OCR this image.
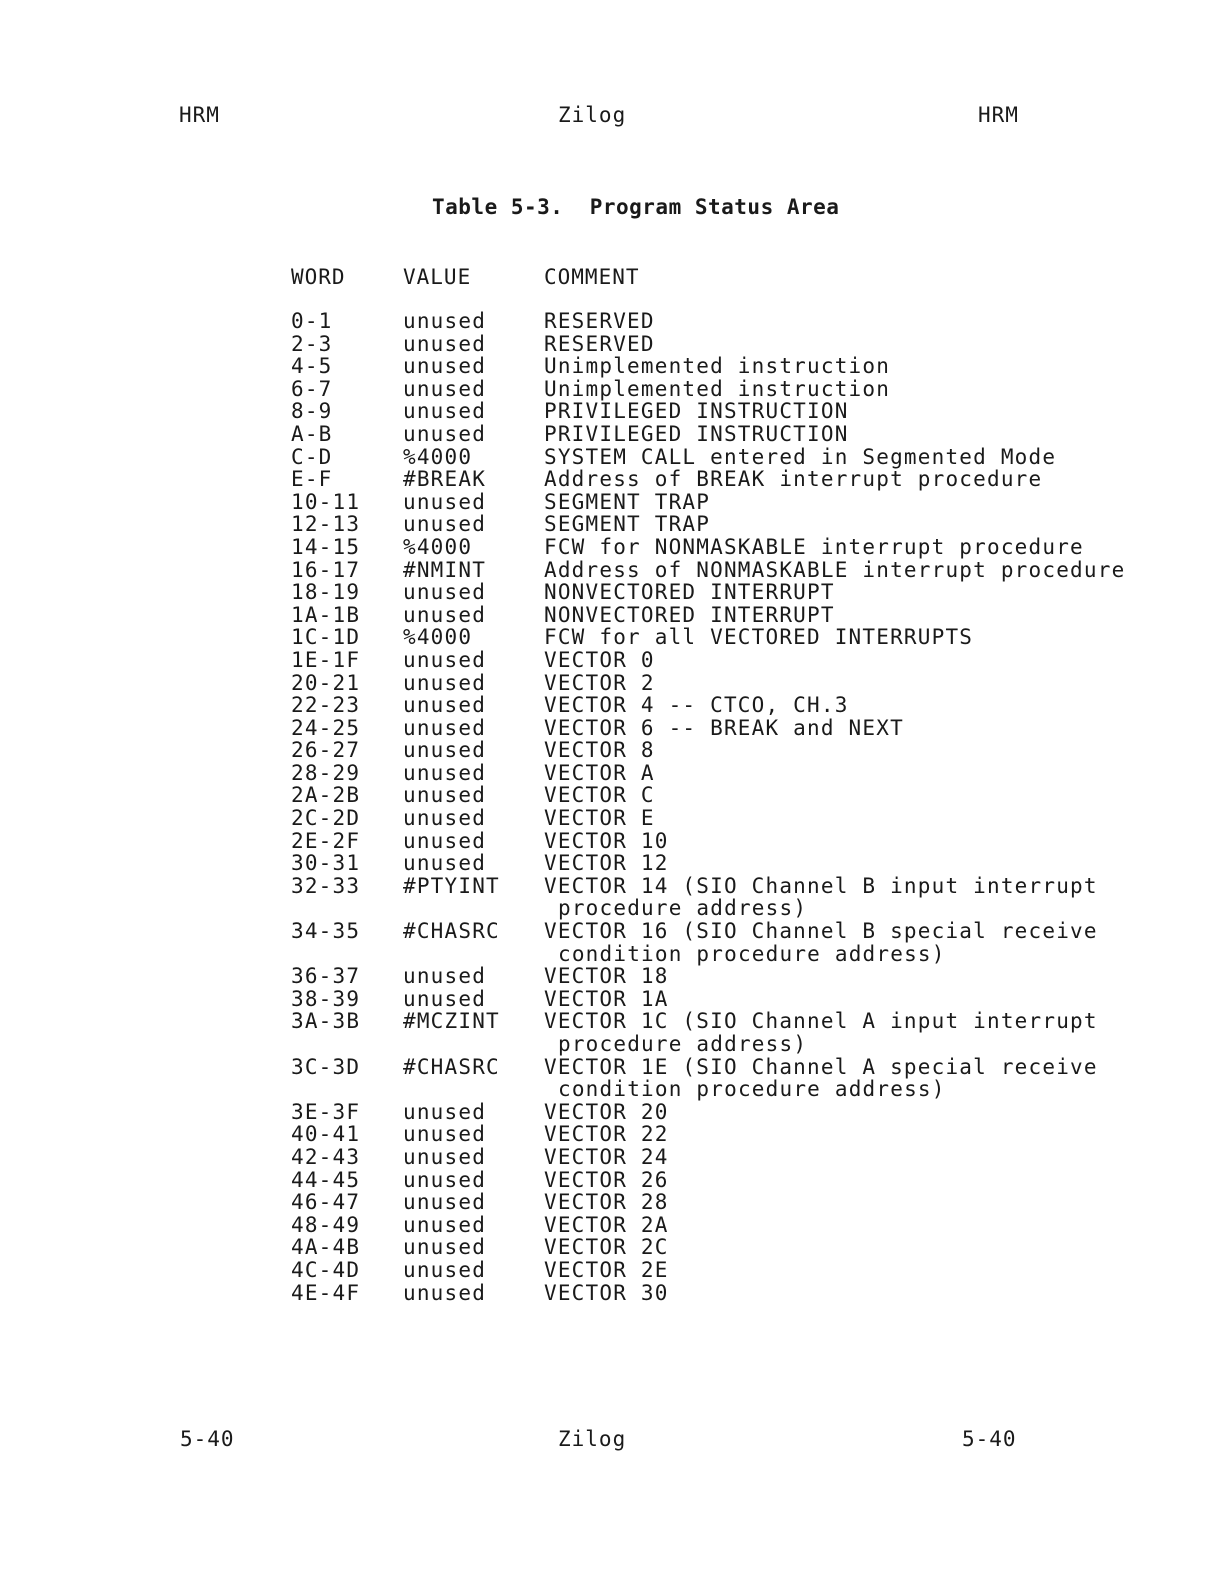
HRM	Zilog	HRM
Table 5-3.  Program Status Area
WORD	VALUE	COMMENT
0-1	unused	RESERVED
2-3	unused	RESERVED
4-5	unused	Unimplemented instruction
6-7	unused	Unimplemented instruction
8-9	unused	PRIVILEGED INSTRUCTION
A-B	unused	PRIVILEGED INSTRUCTION
C-D	%4000	SYSTEM CALL entered in Segmented Mode
E-F	#BREAK	Address of BREAK interrupt procedure
10-11 unused	SEGMENT TRAP
12-13 unused	SEGMENT TRAP
14-15 %4000	FCW for NONMASKABLE interrupt procedure
16-17 #NMINT	Address of NONMASKABLE interrupt procedure
18-19 unused	NONVECTORED INTERRUPT
1A-1B unused	NONVECTORED INTERRUPT
1C-1D %4000	FCW for all VECTORED INTERRUPTS
1E-1F unused	VECTOR 0
20-21 unused	VECTOR 2
22-23 unused	VECTOR 4 -- CTCO, CH.3
24-25 unused	VECTOR 6 -- BREAK and NEXT
26-27 unused	VECTOR 8
28-29 unused	VECTOR A
2A-2B unused	VECTOR C
2C-2D unused	VECTOR E
2E-2F unused	VECTOR 10
30-31 unused	VECTOR 12
32-33 #PTYINT VECTOR 14 (SIO Channel B input interrupt
procedure address)
34-35 #CHASRC VECTOR 16 (SIO Channel B special receive
condition procedure address)
36-37 unused	VECTOR 18
38-39 unused	VECTOR 1A
3A-3B #MCZINT VECTOR 1C (SIO Channel A input interrupt
procedure address)
3C-3D #CHASRC VECTOR 1E (SIO Channel A special receive
condition procedure address)
3E-3F unused	VECTOR 20
40-41 unused	VECTOR 22
42-43 unused	VECTOR 24
44-45 unused	VECTOR 26
46-47 unused	VECTOR 28
48-49 unused	VECTOR 2A
4A-4B unused	VECTOR 2C
4C-4D unused	VECTOR 2E
4E-4F unused	VECTOR 30
5-40	Zilog	5-40
